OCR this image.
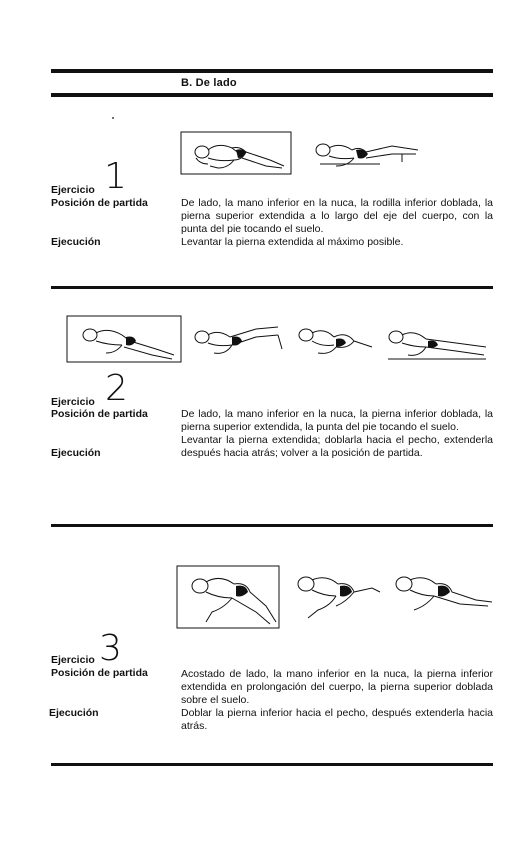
B. De lado
Ejercicio 1
Posición de partida
Ejecución

De lado, la mano inferior en la nuca, la rodilla inferior doblada, la pierna superior extendida a lo largo del eje del cuerpo, con la punta del pie tocando el suelo.

Levantar la pierna extendida al máximo posible.

Ejercicio 2
Posición de partida
Ejecución

De lado, la mano inferior en la nuca, la pierna inferior doblada, la pierna superior extendida, la punta del pie tocando el suelo.

Levantar la pierna extendida; doblarla hacia el pecho, extenderla después hacia atrás; volver a la posición de partida.

Ejercicio 3
Posición de partida
Ejecución

Acostado de lado, la mano inferior en la nuca, la pierna inferior extendida en prolongación del cuerpo, la pierna superior doblada sobre el suelo.

Doblar la pierna inferior hacia el pecho, después extenderla hacia atrás.
